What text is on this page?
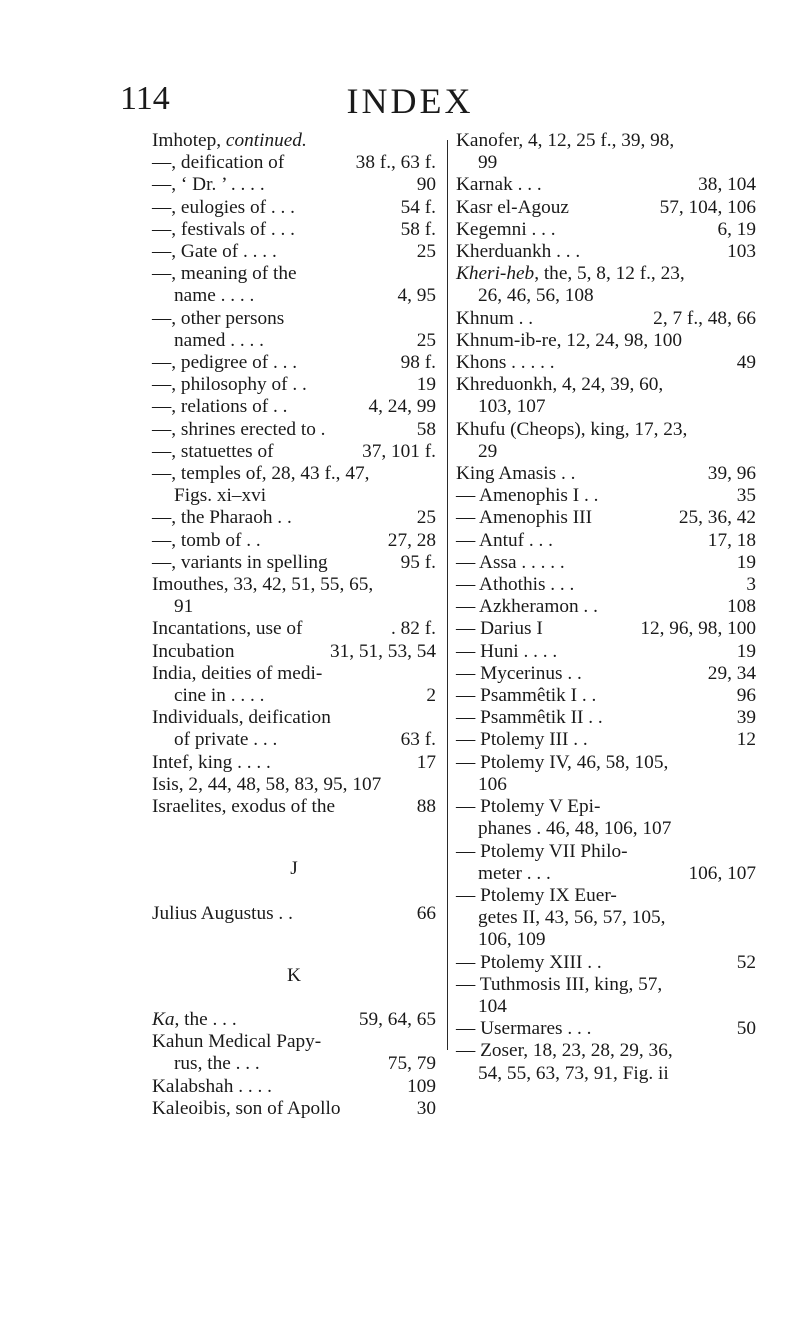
114	INDEX
Imhotep, continued.
—, deification of	38 f., 63 f.
—, ‘ Dr. ’ . . . .	90
—, eulogies of . . .	54 f.
—, festivals of . . .	58 f.
—, Gate of . . . .	25
—, meaning of the
name . . . .	4, 95
—, other persons
named . . . .	25
—, pedigree of . . .	98 f.
—, philosophy of . .	19
—, relations of . .	4, 24, 99
—, shrines erected to .	58
—, statuettes of	37, 101 f.
—, temples of, 28, 43 f., 47,
Figs. xi–xvi
—, the Pharaoh . .	25
—, tomb of . .	27, 28
—, variants in spelling	95 f.
Imouthes, 33, 42, 51, 55, 65,
91
Incantations, use of	. 82 f.
Incubation	31, 51, 53, 54
India, deities of medi-
cine in . . . .	2
Individuals, deification
of private . . .	63 f.
Intef, king . . . .	17
Isis, 2, 44, 48, 58, 83, 95, 107
Israelites, exodus of the	88
J
Julius Augustus . .	66
K
Ka, the . . .	59, 64, 65
Kahun Medical Papy-
rus, the . . .	75, 79
Kalabshah . . . .	109
Kaleoibis, son of Apollo	30
Kanofer, 4, 12, 25 f., 39, 98,
99
Karnak . . .	38, 104
Kasr el-Agouz	57, 104, 106
Kegemni . . .	6, 19
Kherduankh . . .	103
Kheri-heb, the, 5, 8, 12 f., 23,
26, 46, 56, 108
Khnum . .	2, 7 f., 48, 66
Khnum-ib-re, 12, 24, 98, 100
Khons . . . . .	49
Khreduonkh, 4, 24, 39, 60,
103, 107
Khufu (Cheops), king, 17, 23,
29
King Amasis . .	39, 96
— Amenophis I . .	35
— Amenophis III	25, 36, 42
— Antuf . . .	17, 18
— Assa . . . . .	19
— Athothis . . .	3
— Azkheramon . .	108
— Darius I	12, 96, 98, 100
— Huni . . . .	19
— Mycerinus . .	29, 34
— Psammêtik I . .	96
— Psammêtik II . .	39
— Ptolemy III . .	12
— Ptolemy IV, 46, 58, 105,
106
— Ptolemy V Epi-
phanes . 46, 48, 106, 107
— Ptolemy VII Philo-
meter . . .	106, 107
— Ptolemy IX Euer-
getes II, 43, 56, 57, 105,
106, 109
— Ptolemy XIII . .	52
— Tuthmosis III, king, 57,
104
— Usermares . . .	50
— Zoser, 18, 23, 28, 29, 36,
54, 55, 63, 73, 91, Fig. ii
